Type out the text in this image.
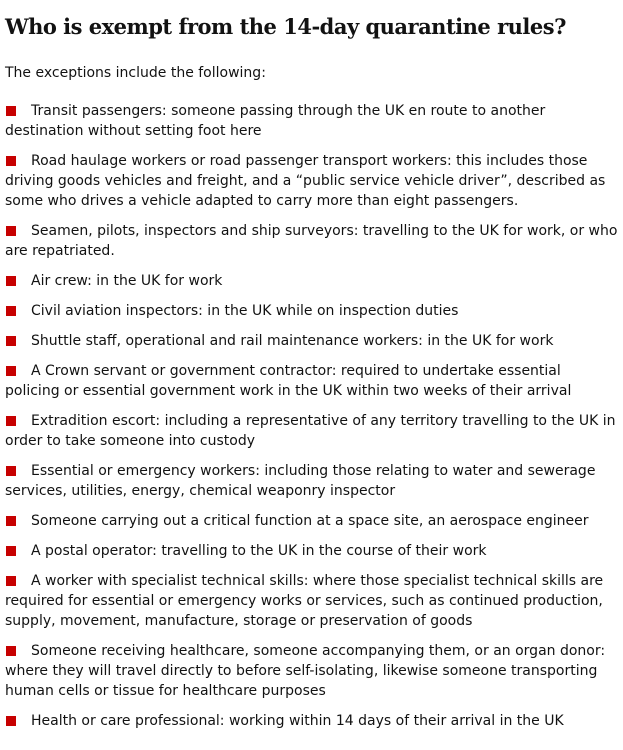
Who is exempt from the 14-day quarantine rules?

The exceptions include the following:

Transit passengers: someone passing through the UK en route to another destination without setting foot here
Road haulage workers or road passenger transport workers: this includes those driving goods vehicles and freight, and a “public service vehicle driver”, described as some who drives a vehicle adapted to carry more than eight passengers.
Seamen, pilots, inspectors and ship surveyors: travelling to the UK for work, or who are repatriated.
Air crew: in the UK for work
Civil aviation inspectors: in the UK while on inspection duties
Shuttle staff, operational and rail maintenance workers: in the UK for work
A Crown servant or government contractor: required to undertake essential policing or essential government work in the UK within two weeks of their arrival
Extradition escort: including a representative of any territory travelling to the UK in order to take someone into custody
Essential or emergency workers: including those relating to water and sewerage services, utilities, energy, chemical weaponry inspector
Someone carrying out a critical function at a space site, an aerospace engineer
A postal operator: travelling to the UK in the course of their work
A worker with specialist technical skills: where those specialist technical skills are required for essential or emergency works or services, such as continued production, supply, movement, manufacture, storage or preservation of goods
Someone receiving healthcare, someone accompanying them, or an organ donor: where they will travel directly to before self-isolating, likewise someone transporting human cells or tissue for healthcare purposes
Health or care professional: working within 14 days of their arrival in the UK
